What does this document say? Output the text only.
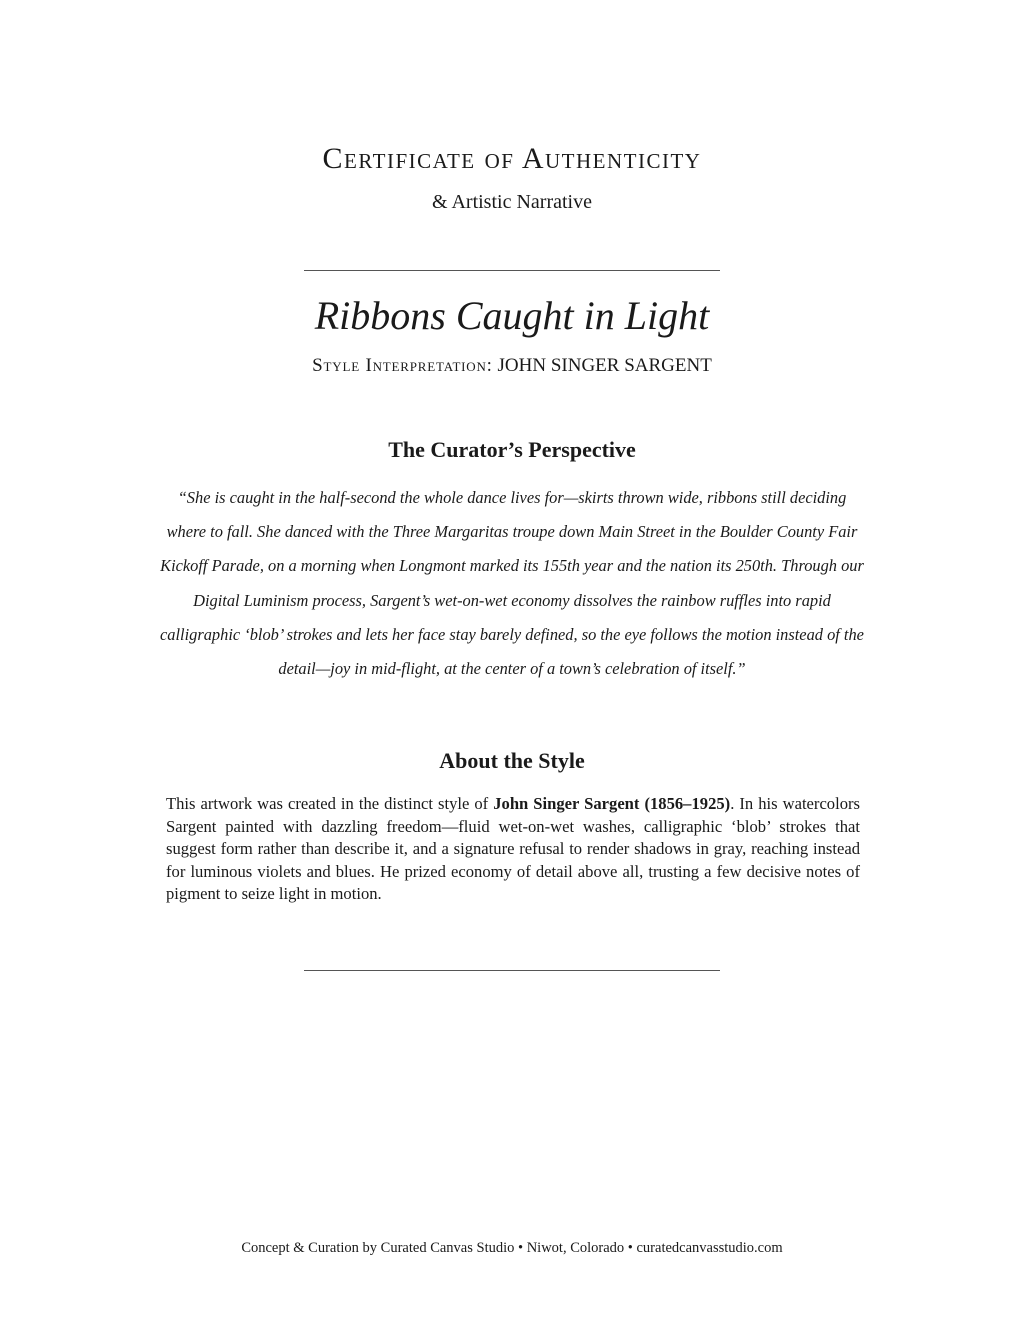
Certificate of Authenticity
& Artistic Narrative
Ribbons Caught in Light
Style Interpretation: JOHN SINGER SARGENT
The Curator’s Perspective
“She is caught in the half-second the whole dance lives for—skirts thrown wide, ribbons still deciding where to fall. She danced with the Three Margaritas troupe down Main Street in the Boulder County Fair Kickoff Parade, on a morning when Longmont marked its 155th year and the nation its 250th. Through our Digital Luminism process, Sargent’s wet-on-wet economy dissolves the rainbow ruffles into rapid calligraphic ‘blob’ strokes and lets her face stay barely defined, so the eye follows the motion instead of the detail—joy in mid-flight, at the center of a town’s celebration of itself.”
About the Style
This artwork was created in the distinct style of John Singer Sargent (1856–1925). In his watercolors Sargent painted with dazzling freedom—fluid wet-on-wet washes, calligraphic ‘blob’ strokes that suggest form rather than describe it, and a signature refusal to render shadows in gray, reaching instead for luminous violets and blues. He prized economy of detail above all, trusting a few decisive notes of pigment to seize light in motion.
Concept & Curation by Curated Canvas Studio • Niwot, Colorado • curatedcanvasstudio.com
